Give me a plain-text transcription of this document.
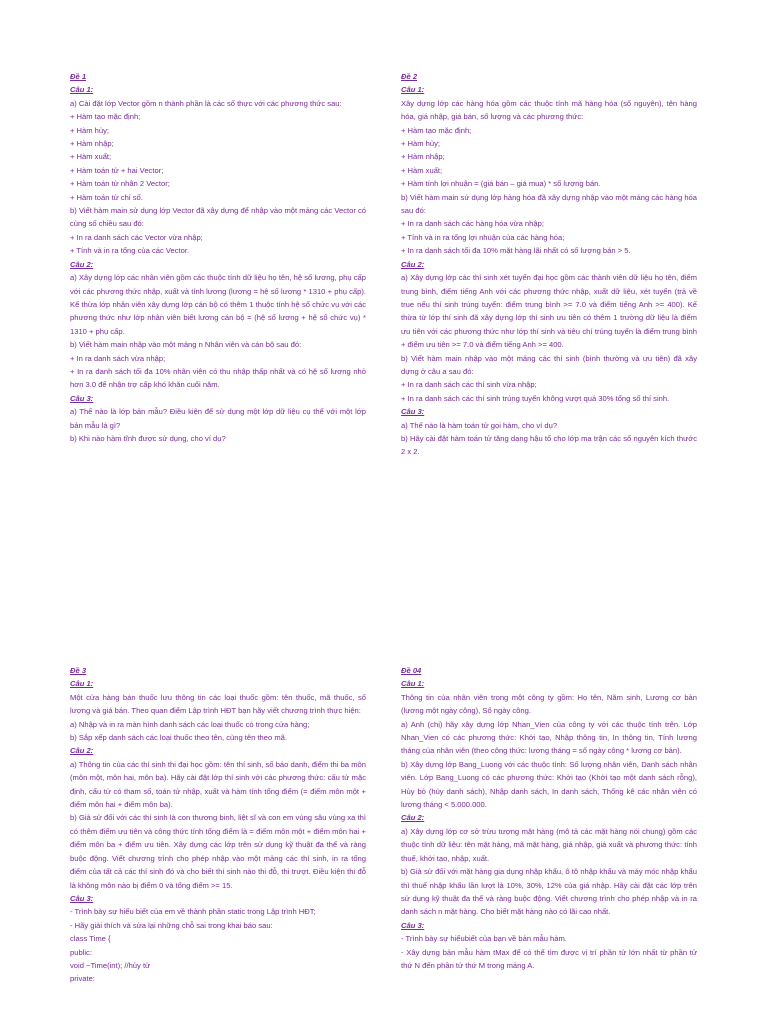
Đề 1

Câu 1:

a) Cài đặt lớp Vector gồm n thành phần là các số thực với các phương thức sau:

+ Hàm tạo mặc định;

+ Hàm hủy;

+ Hàm nhập;

+ Hàm xuất;

+ Hàm toán tử + hai Vector;

+ Hàm toán tử nhân 2 Vector;

+ Hàm toán tử chỉ số.

b) Viết hàm main sử dụng lớp Vector đã xây dựng để nhập vào một mảng các Vector có cùng số chiều sau đó:

+ In ra danh sách các Vector vừa nhập;

+ Tính và in ra tổng của các Vector.

Câu 2:

a) Xây dựng lớp các nhân viên gồm các thuộc tính dữ liệu họ tên, hệ số lương, phụ cấp với các phương thức nhập, xuất và tính lương (lương = hệ số lương * 1310 + phụ cấp). Kế thừa lớp nhân viên xây dựng lớp cán bộ có thêm 1 thuộc tính hệ số chức vụ với các phương thức như lớp nhân viên biết lương cán bộ = (hệ số lương + hệ số chức vụ) * 1310 + phụ cấp.

b) Viết hàm main nhập vào một mảng n Nhân viên và cán bộ sau đó:

+ In ra danh sách vừa nhập;

+ In ra danh sách tối đa 10% nhân viên có thu nhập thấp nhất và có hệ số lương nhỏ hơn 3.0 để nhận trợ cấp khó khăn cuối năm.

Câu 3:

a) Thế nào là lớp bản mẫu? Điều kiện để sử dụng một lớp dữ liệu cụ thể với một lớp bản mẫu là gì?

b) Khi nào hàm tĩnh được sử dụng, cho ví dụ?

Đề 2

Câu 1:

Xây dựng lớp các hàng hóa gồm các thuộc tính mã hàng hóa (số nguyên), tên hàng hóa, giá nhập, giá bán, số lượng và các phương thức:

+ Hàm tạo mặc định;

+ Hàm hủy;

+ Hàm nhập;

+ Hàm xuất;

+ Hàm tính lợi nhuận = (giá bán – giá mua) * số lượng bán.

b) Viết hàm main sử dụng lớp hàng hóa đã xây dựng nhập vào một mảng các hàng hóa sau đó:

+ In ra danh sách các hàng hóa vừa nhập;

+ Tính và in ra tổng lợi nhuận của các hàng hóa;

+ In ra danh sách tối đa 10% mặt hàng lãi nhất có số lượng bán > 5.

Câu 2:

a) Xây dựng lớp các thí sinh xét tuyển đại học gồm các thành viên dữ liệu họ tên, điểm trung bình, điểm tiếng Anh với các phương thức nhập, xuất dữ liệu, xét tuyển (trả về true nếu thí sinh trúng tuyển: điểm trung bình >= 7.0 và điểm tiếng Anh >= 400). Kế thừa từ lớp thí sinh đã xây dựng lớp thí sinh ưu tiên có thêm 1 trường dữ liệu là điểm ưu tiên với các phương thức như lớp thí sinh và tiêu chí trúng tuyển là điểm trung bình + điểm ưu tiên >= 7.0 và điểm tiếng Anh >= 400.

b) Viết hàm main nhập vào một mảng các thí sinh (bình thường và ưu tiên) đã xây dựng ở câu a sau đó:

+ In ra danh sách các thí sinh vừa nhập;

+ In ra danh sách các thí sinh trúng tuyển không vượt quá 30% tổng số thí sinh.

Câu 3:

a) Thế nào là hàm toán tử gọi hàm, cho ví dụ?

b) Hãy cài đặt hàm toán tử tăng dạng hậu tố cho lớp ma trận các số nguyên kích thước 2 x 2.

Đề 3

Câu 1:

Một cửa hàng bán thuốc lưu thông tin các loại thuốc gồm: tên thuốc, mã thuốc, số lượng và giá bán. Theo quan điểm Lập trình HĐT bạn hãy viết chương trình thực hiện:

a) Nhập và in ra màn hình danh sách các loại thuốc có trong cửa hàng;

b) Sắp xếp danh sách các loại thuốc theo tên, cùng tên theo mã.

Câu 2:

a) Thông tin của các thí sinh thi đại học gồm: tên thí sinh, số báo danh, điểm thi ba môn (môn một, môn hai, môn ba). Hãy cài đặt lớp thí sinh với các phương thức: cấu tử mặc định, cấu tử có tham số, toán tử nhập, xuất và hàm tính tổng điểm (= điểm môn một + điểm môn hai + điểm môn ba).

b) Giả sử đối với các thí sinh là con thương binh, liệt sĩ và con em vùng sâu vùng xa thì có thêm điểm ưu tiên và công thức tính tổng điểm là = điểm môn một + điểm môn hai + điểm môn ba + điểm ưu tiên. Xây dựng các lớp trên sử dụng kỹ thuật đa thể và ràng buộc động. Viết chương trình cho phép nhập vào một mảng các thí sinh, in ra tổng điểm của tất cả các thí sinh đó và cho biết thí sinh nào thi đỗ, thi trượt. Điều kiện thi đỗ là không môn nào bị điểm 0 và tổng điểm >= 15.

Câu 3:

- Trình bày sự hiểu biết của em về thành phần static trong Lập trình HĐT;

- Hãy giải thích và sửa lại những chỗ sai trong khai báo sau:

class Time {

public:

void ~Time(int); //hủy tử

private:

Đề 04

Câu 1:

Thông tin của nhân viên trong một công ty gồm: Họ tên, Năm sinh, Lương cơ bản (lương một ngày công), Số ngày công.

a) Anh (chị) hãy xây dựng lớp Nhan_Vien của công ty với các thuộc tính trên. Lớp Nhan_Vien có các phương thức: Khởi tạo, Nhập thông tin, In thông tin, Tính lương tháng của nhân viên (theo công thức: lương tháng = số ngày công * lương cơ bản).

b) Xây dựng lớp Bang_Luong với các thuộc tính: Số lượng nhân viên, Danh sách nhân viên. Lớp Bang_Luong có các phương thức: Khởi tạo (Khởi tạo một danh sách rỗng), Hủy bỏ (hủy danh sách), Nhập danh sách, In danh sách, Thống kê các nhân viên có lương tháng < 5.000.000.

Câu 2:

a) Xây dựng lớp cơ sở trừu tượng mặt hàng (mô tả các mặt hàng nói chung) gồm các thuộc tính dữ liệu: tên mặt hàng, mã mặt hàng, giá nhập, giá xuất và phương thức: tính thuế, khởi tạo, nhập, xuất.

b) Giả sử đối với mặt hàng gia dụng nhập khẩu, ô tô nhập khẩu và máy móc nhập khẩu thì thuế nhập khẩu lần lượt là 10%, 30%, 12% của giá nhập. Hãy cài đặt các lớp trên sử dụng kỹ thuật đa thể và ràng buộc động. Viết chương trình cho phép nhập và in ra danh sách n mặt hàng. Cho biết mặt hàng nào có lãi cao nhất.

Câu 3:

- Trình bày sự hiểubiết của bạn về bản mẫu hàm.

- Xây dựng bản mẫu hàm tMax để có thể tìm được vị trí phần tử lớn nhất từ phần tử thứ N đến phần tử thứ M trong mảng A.
